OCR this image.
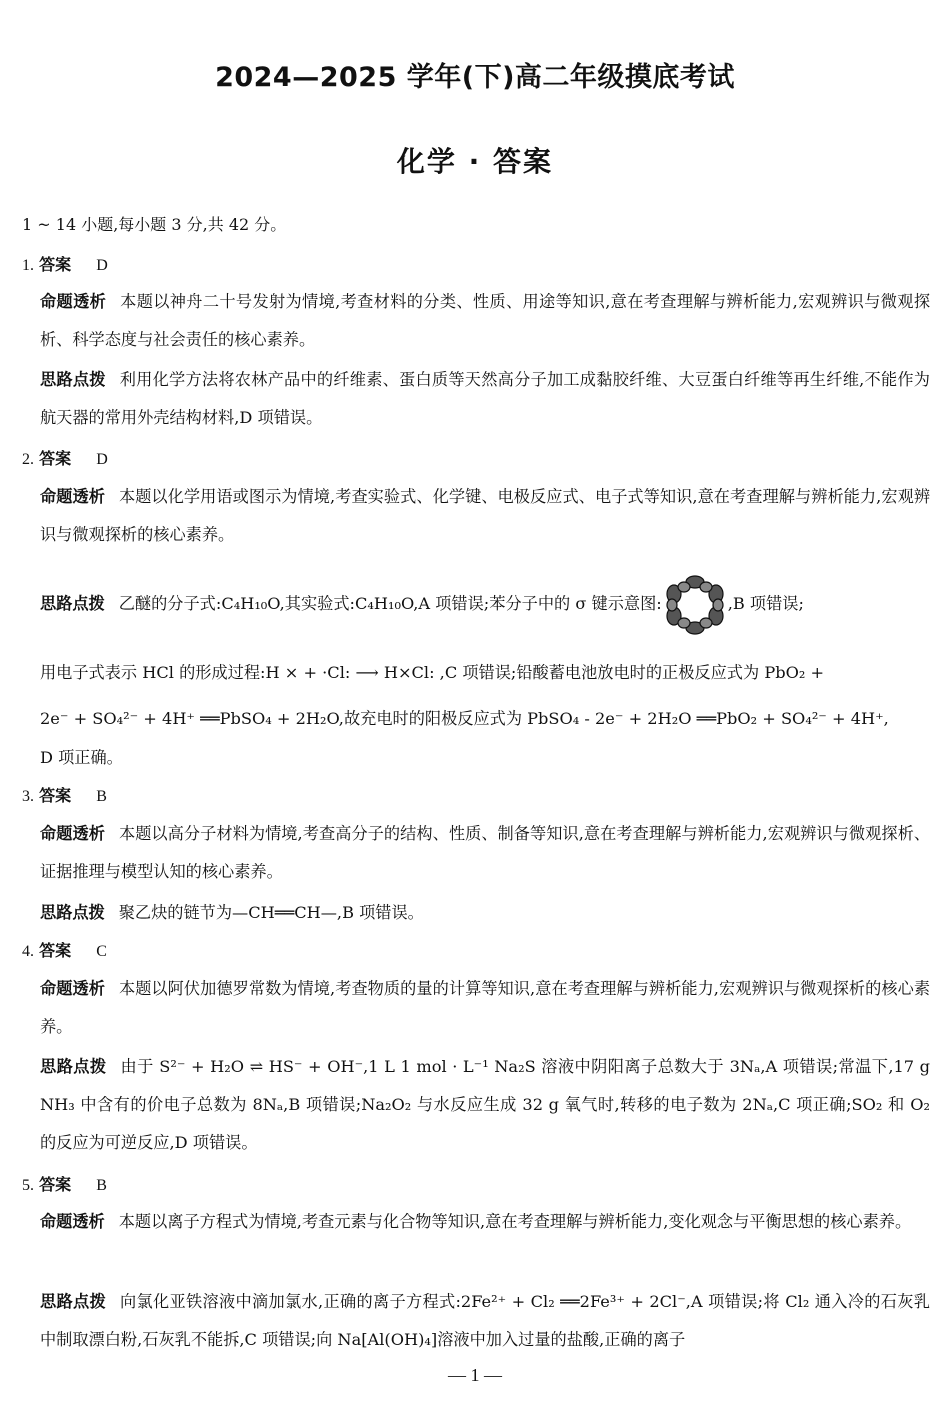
2024—2025 学年(下)高二年级摸底考试
化学 · 答案
1 ~ 14 小题,每小题 3 分,共 42 分。
1. 答案 D
命题透析 本题以神舟二十号发射为情境,考查材料的分类、性质、用途等知识,意在考查理解与辨析能力,宏观辨识与微观探析、科学态度与社会责任的核心素养。
思路点拨 利用化学方法将农林产品中的纤维素、蛋白质等天然高分子加工成黏胶纤维、大豆蛋白纤维等再生纤维,不能作为航天器的常用外壳结构材料,D 项错误。
2. 答案 D
命题透析 本题以化学用语或图示为情境,考查实验式、化学键、电极反应式、电子式等知识,意在考查理解与辨析能力,宏观辨识与微观探析的核心素养。
思路点拨 乙醚的分子式:C₄H₁₀O,其实验式:C₄H₁₀O,A 项错误;苯分子中的 σ 键示意图:	,B 项错误;
用电子式表示 HCl 的形成过程:H × + ·Cl: ⟶ H×Cl: ,C 项错误;铅酸蓄电池放电时的正极反应式为 PbO₂ +
2e⁻ + SO₄²⁻ + 4H⁺ ══PbSO₄ + 2H₂O,故充电时的阳极反应式为 PbSO₄ - 2e⁻ + 2H₂O ══PbO₂ + SO₄²⁻ + 4H⁺,
D 项正确。
3. 答案 B
命题透析 本题以高分子材料为情境,考查高分子的结构、性质、制备等知识,意在考查理解与辨析能力,宏观辨识与微观探析、证据推理与模型认知的核心素养。
思路点拨 聚乙炔的链节为—CH══CH—,B 项错误。
4. 答案 C
命题透析 本题以阿伏加德罗常数为情境,考查物质的量的计算等知识,意在考查理解与辨析能力,宏观辨识与微观探析的核心素养。
思路点拨 由于 S²⁻ + H₂O ⇌ HS⁻ + OH⁻,1 L 1 mol · L⁻¹ Na₂S 溶液中阴阳离子总数大于 3Nₐ,A 项错误;常温下,17 g NH₃ 中含有的价电子总数为 8Nₐ,B 项错误;Na₂O₂ 与水反应生成 32 g 氧气时,转移的电子数为 2Nₐ,C 项正确;SO₂ 和 O₂ 的反应为可逆反应,D 项错误。
5. 答案 B
命题透析 本题以离子方程式为情境,考查元素与化合物等知识,意在考查理解与辨析能力,变化观念与平衡思想的核心素养。
思路点拨 向氯化亚铁溶液中滴加氯水,正确的离子方程式:2Fe²⁺ + Cl₂ ══2Fe³⁺ + 2Cl⁻,A 项错误;将 Cl₂ 通入冷的石灰乳中制取漂白粉,石灰乳不能拆,C 项错误;向 Na[Al(OH)₄]溶液中加入过量的盐酸,正确的离子
— 1 —
